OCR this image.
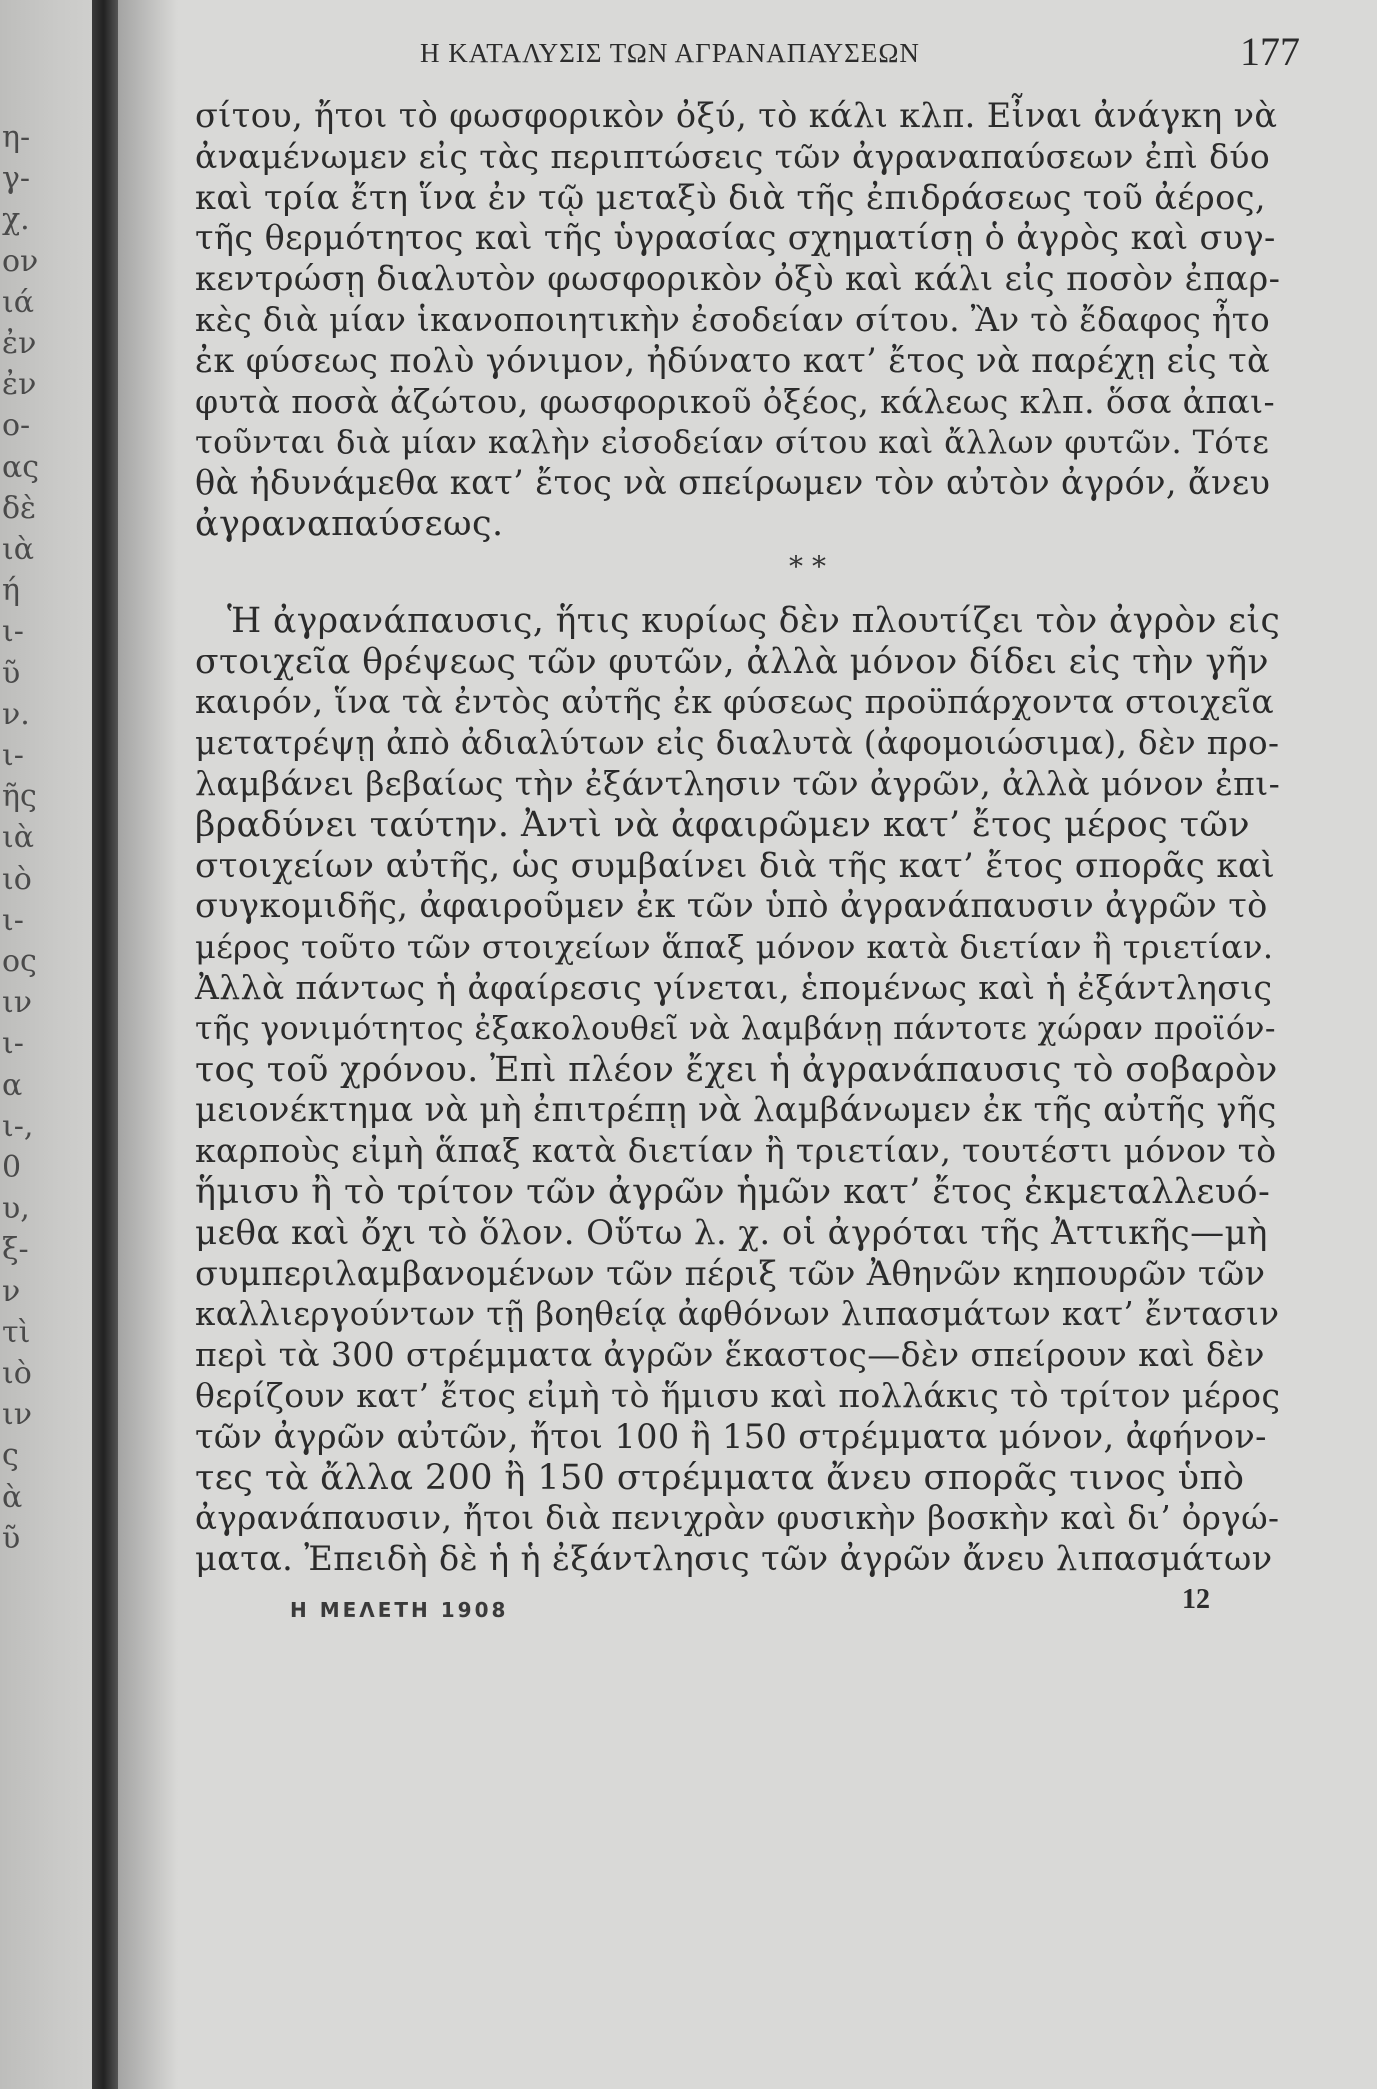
η-
γ-
χ.
ον
ιά
ἐν
ἐν
ο-
ας
δὲ
ιὰ
ή
ι-
ῦ
ν.
ι-
ῆς
ιὰ
ιὸ
ι-
ος
ιν
ι-
α
ι-,
0
υ,
ξ-
ν
τὶ
ιὸ
ιν
ς
ὰ
ῦ
Η ΚΑΤΑΛΥΣΙΣ ΤΩΝ ΑΓΡΑΝΑΠΑΥΣΕΩΝ	177
σίτου, ἤτοι τὸ φωσφορικὸν ὀξύ, τὸ κάλι κλπ. Εἶναι ἀνάγκη νὰ
ἀναμένωμεν εἰς τὰς περιπτώσεις τῶν ἀγραναπαύσεων ἐπὶ δύο
καὶ τρία ἔτη ἵνα ἐν τῷ μεταξὺ διὰ τῆς ἐπιδράσεως τοῦ ἀέρος,
τῆς θερμότητος καὶ τῆς ὑγρασίας σχηματίσῃ ὁ ἀγρὸς καὶ συγ-
κεντρώσῃ διαλυτὸν φωσφορικὸν ὀξὺ καὶ κάλι εἰς ποσὸν ἐπαρ-
κὲς διὰ μίαν ἱκανοποιητικὴν ἐσοδείαν σίτου. Ἂν τὸ ἔδαφος ἦτο
ἐκ φύσεως πολὺ γόνιμον, ἠδύνατο κατ’ ἔτος νὰ παρέχῃ εἰς τὰ
φυτὰ ποσὰ ἀζώτου, φωσφορικοῦ ὀξέος, κάλεως κλπ. ὅσα ἀπαι-
τοῦνται διὰ μίαν καλὴν εἰσοδείαν σίτου καὶ ἄλλων φυτῶν. Τότε
θὰ ἠδυνάμεθα κατ’ ἔτος νὰ σπείρωμεν τὸν αὐτὸν ἀγρόν, ἄνευ
ἀγραναπαύσεως.
* *
Ἡ ἀγρανάπαυσις, ἥτις κυρίως δὲν πλουτίζει τὸν ἀγρὸν εἰς
στοιχεῖα θρέψεως τῶν φυτῶν, ἀλλὰ μόνον δίδει εἰς τὴν γῆν
καιρόν, ἵνα τὰ ἐντὸς αὐτῆς ἐκ φύσεως προϋπάρχοντα στοιχεῖα
μετατρέψῃ ἀπὸ ἀδιαλύτων εἰς διαλυτὰ (ἀφομοιώσιμα), δὲν προ-
λαμβάνει βεβαίως τὴν ἐξάντλησιν τῶν ἀγρῶν, ἀλλὰ μόνον ἐπι-
βραδύνει ταύτην. Ἀντὶ νὰ ἀφαιρῶμεν κατ’ ἔτος μέρος τῶν
στοιχείων αὐτῆς, ὡς συμβαίνει διὰ τῆς κατ’ ἔτος σπορᾶς καὶ
συγκομιδῆς, ἀφαιροῦμεν ἐκ τῶν ὑπὸ ἀγρανάπαυσιν ἀγρῶν τὸ
μέρος τοῦτο τῶν στοιχείων ἅπαξ μόνον κατὰ διετίαν ἢ τριετίαν.
Ἀλλὰ πάντως ἡ ἀφαίρεσις γίνεται, ἑπομένως καὶ ἡ ἐξάντλησις
τῆς γονιμότητος ἐξακολουθεῖ νὰ λαμβάνῃ πάντοτε χώραν προϊόν-
τος τοῦ χρόνου. Ἐπὶ πλέον ἔχει ἡ ἀγρανάπαυσις τὸ σοβαρὸν
μειονέκτημα νὰ μὴ ἐπιτρέπῃ νὰ λαμβάνωμεν ἐκ τῆς αὐτῆς γῆς
καρποὺς εἰμὴ ἅπαξ κατὰ διετίαν ἢ τριετίαν, τουτέστι μόνον τὸ
ἥμισυ ἢ τὸ τρίτον τῶν ἀγρῶν ἡμῶν κατ’ ἔτος ἐκμεταλλευό-
μεθα καὶ ὄχι τὸ ὅλον. Οὕτω λ. χ. οἱ ἀγρόται τῆς Ἀττικῆς—μὴ
συμπεριλαμβανομένων τῶν πέριξ τῶν Ἀθηνῶν κηπουρῶν τῶν
καλλιεργούντων τῇ βοηθείᾳ ἀφθόνων λιπασμάτων κατ’ ἔντασιν
περὶ τὰ 300 στρέμματα ἀγρῶν ἕκαστος—δὲν σπείρουν καὶ δὲν
θερίζουν κατ’ ἔτος εἰμὴ τὸ ἥμισυ καὶ πολλάκις τὸ τρίτον μέρος
τῶν ἀγρῶν αὐτῶν, ἤτοι 100 ἢ 150 στρέμματα μόνον, ἀφήνον-
τες τὰ ἄλλα 200 ἢ 150 στρέμματα ἄνευ σπορᾶς τινος ὑπὸ
ἀγρανάπαυσιν, ἤτοι διὰ πενιχρὰν φυσικὴν βοσκὴν καὶ δι’ ὀργώ-
ματα. Ἐπειδὴ δὲ ἡ ἡ ἐξάντλησις τῶν ἀγρῶν ἄνευ λιπασμάτων
Η ΜΕΛΕΤΗ 1908	12
